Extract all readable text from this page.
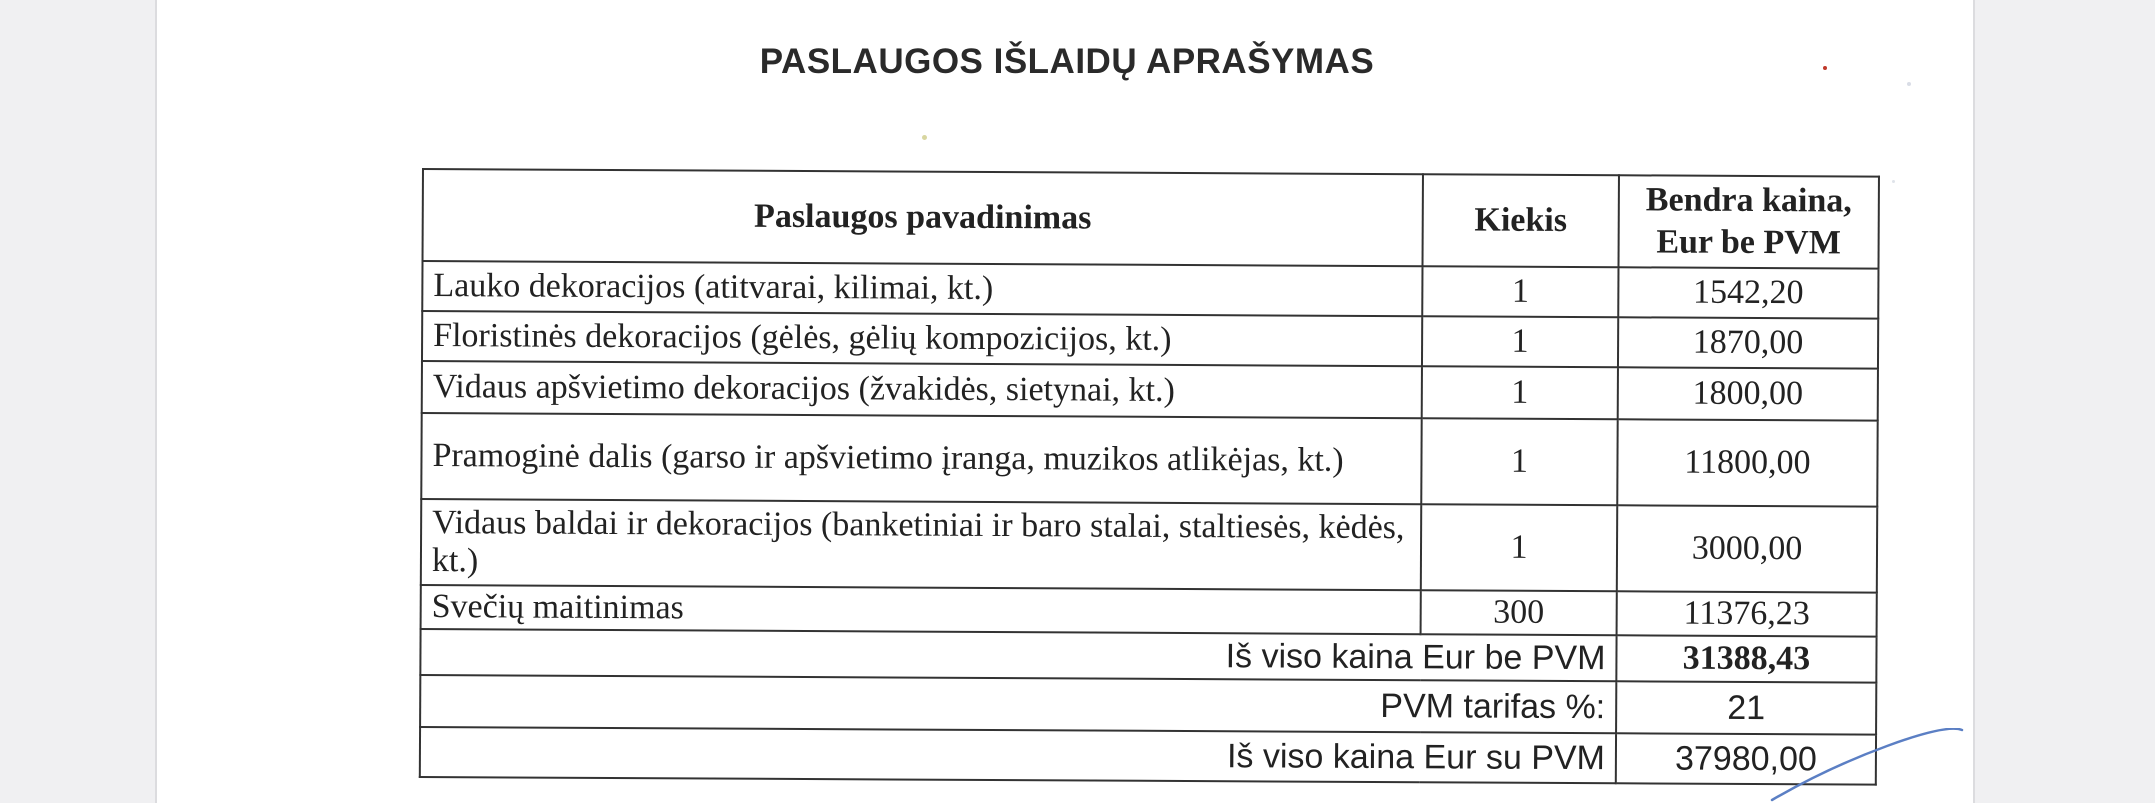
PASLAUGOS IŠLAIDŲ APRAŠYMAS
Paslaugos pavadinimas	Kiekis	Bendra kaina,
Eur be PVM
Lauko dekoracijos (atitvarai, kilimai, kt.)	1	1542,20
Floristinės dekoracijos (gėlės, gėlių kompozicijos, kt.)	1	1870,00
Vidaus apšvietimo dekoracijos (žvakidės, sietynai, kt.)	1	1800,00
Pramoginė dalis (garso ir apšvietimo įranga, muzikos atlikėjas, kt.)	1	11800,00
Vidaus baldai ir dekoracijos (banketiniai ir baro stalai, staltiesės, kėdės, kt.)	1	3000,00
Svečių maitinimas	300	11376,23
Iš viso kaina Eur be PVM		31388,43
PVM tarifas %:		21
Iš viso kaina Eur su PVM		37980,00
